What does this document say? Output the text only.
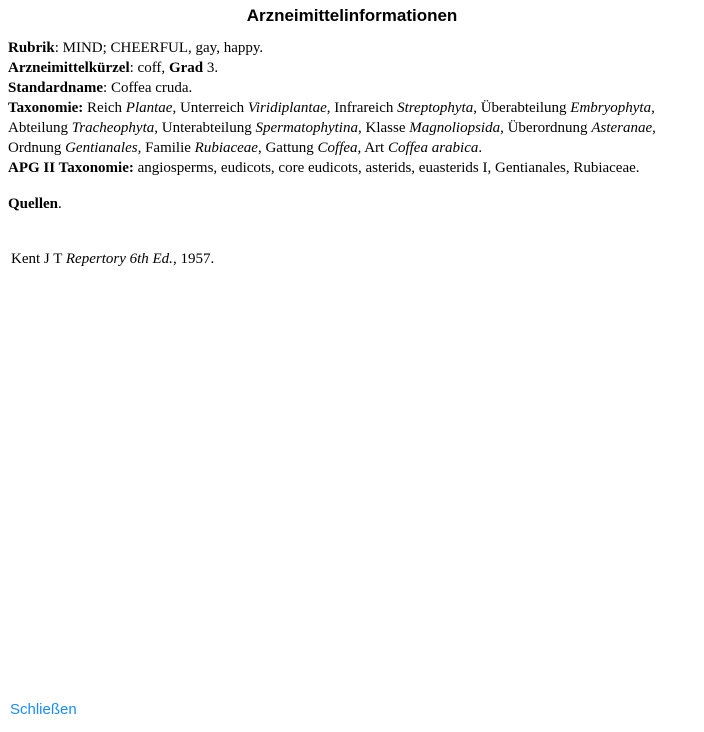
Arzneimittelinformationen

Rubrik: MIND; CHEERFUL, gay, happy.

Arzneimittelkürzel: coff, Grad 3.

Standardname: Coffea cruda.

Taxonomie: Reich Plantae, Unterreich Viridiplantae, Infrareich Streptophyta, Überabteilung Embryophyta, Abteilung Tracheophyta, Unterabteilung Spermatophytina, Klasse Magnoliopsida, Überordnung Asteranae, Ordnung Gentianales, Familie Rubiaceae, Gattung Coffea, Art Coffea arabica.

APG II Taxonomie: angiosperms, eudicots, core eudicots, asterids, euasterids I, Gentianales, Rubiaceae.

Quellen.

Kent J T Repertory 6th Ed., 1957.

Schließen
